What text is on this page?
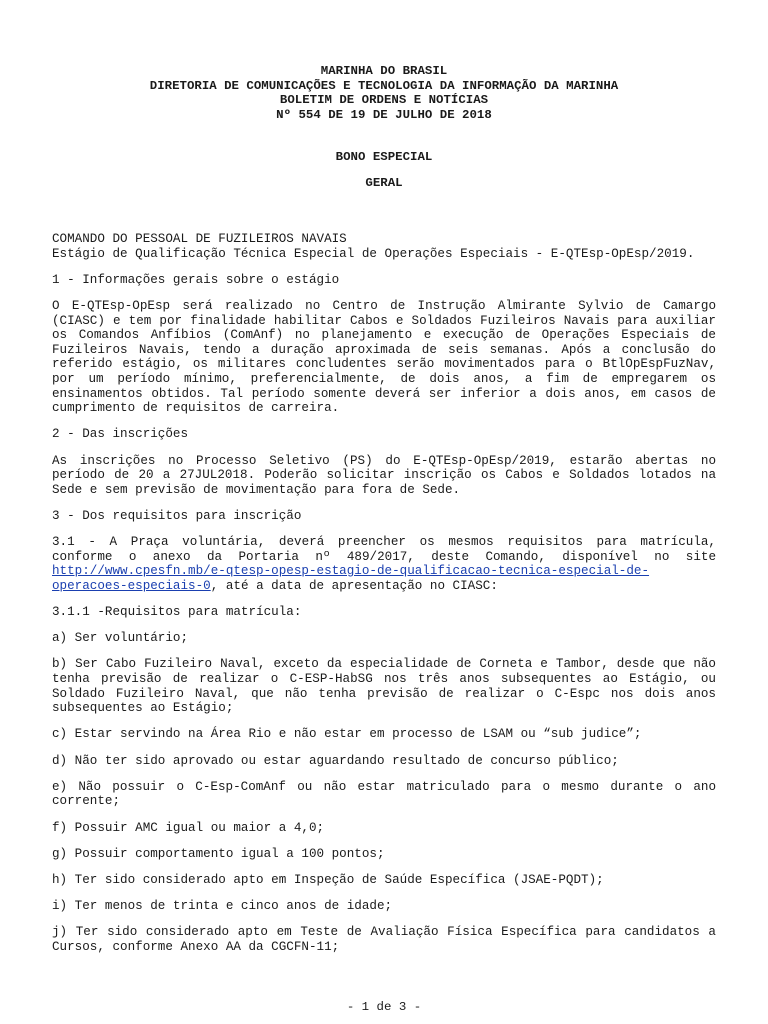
MARINHA DO BRASIL
DIRETORIA DE COMUNICAÇÕES E TECNOLOGIA DA INFORMAÇÃO DA MARINHA
BOLETIM DE ORDENS E NOTÍCIAS
Nº 554 DE 19 DE JULHO DE 2018
BONO ESPECIAL
GERAL

COMANDO DO PESSOAL DE FUZILEIROS NAVAIS

Estágio de Qualificação Técnica Especial de Operações Especiais - E-QTEsp-OpEsp/2019.

1 - Informações gerais sobre o estágio

O E-QTEsp-OpEsp será realizado no Centro de Instrução Almirante Sylvio de Camargo (CIASC) e tem por finalidade habilitar Cabos e Soldados Fuzileiros Navais para auxiliar os Comandos Anfíbios (ComAnf) no planejamento e execução de Operações Especiais de Fuzileiros Navais, tendo a duração aproximada de seis semanas. Após a conclusão do referido estágio, os militares concludentes serão movimentados para o BtlOpEspFuzNav, por um período mínimo, preferencialmente, de dois anos, a fim de empregarem os ensinamentos obtidos. Tal período somente deverá ser inferior a dois anos, em casos de cumprimento de requisitos de carreira.

2 - Das inscrições

As inscrições no Processo Seletivo (PS) do E-QTEsp-OpEsp/2019, estarão abertas no período de 20 a 27JUL2018. Poderão solicitar inscrição os Cabos e Soldados lotados na Sede e sem previsão de movimentação para fora de Sede.

3 - Dos requisitos para inscrição

3.1 - A Praça voluntária, deverá preencher os mesmos requisitos para matrícula, conforme o anexo da Portaria nº 489/2017, deste Comando, disponível no site http://www.cpesfn.mb/e-qtesp-opesp-estagio-de-qualificacao-tecnica-especial-de-operacoes-especiais-0, até a data de apresentação no CIASC:

3.1.1 -Requisitos para matrícula:

a) Ser voluntário;

b) Ser Cabo Fuzileiro Naval, exceto da especialidade de Corneta e Tambor, desde que não tenha previsão de realizar o C-ESP-HabSG nos três anos subsequentes ao Estágio, ou Soldado Fuzileiro Naval, que não tenha previsão de realizar o C-Espc nos dois anos subsequentes ao Estágio;

c) Estar servindo na Área Rio e não estar em processo de LSAM ou “sub judice”;

d) Não ter sido aprovado ou estar aguardando resultado de concurso público;

e) Não possuir o C-Esp-ComAnf ou não estar matriculado para o mesmo durante o ano corrente;

f) Possuir AMC igual ou maior a 4,0;

g) Possuir comportamento igual a 100 pontos;

h) Ter sido considerado apto em Inspeção de Saúde Específica (JSAE-PQDT);

i) Ter menos de trinta e cinco anos de idade;

j) Ter sido considerado apto em Teste de Avaliação Física Específica para candidatos a Cursos, conforme Anexo AA da CGCFN-11;

- 1 de 3 -
